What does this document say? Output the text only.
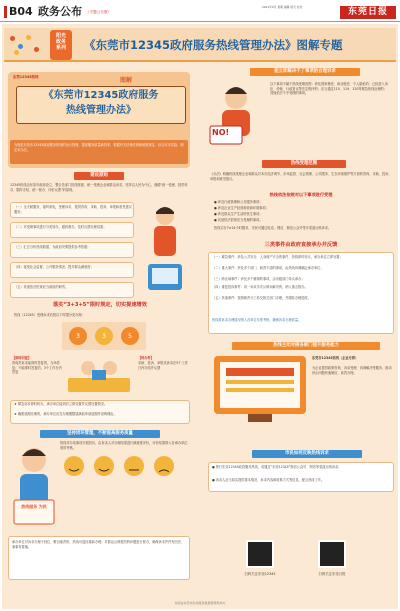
B04 政务公布 （专题公告版）
2021年9月 星期 编辑 版式 校对	东莞日报
阳光
政务
系列	《东莞市12345政府服务热线管理办法》图解专题
东莞12345热线	图解
《东莞市12345政府服务
热线管理办法》
为规范东莞市12345政府服务热线的运行管理，提高服务质量和效率，根据有关法律法规和政策规定，结合本市实际，制定本办法。
建设原则
12345热线由东莞市政府设立，整合各部门热线资源，统一受理企业和群众诉求，坚持以人民为中心，遵循“统一受理、按责转办、限时办结、统一督办、评价反馈”的原则。
（一）全天候服务，接听来电，受理诉求，提供咨询、求助、投诉、举报和意见建议服务；
（二）对受理事项进行分类转办，跟踪督办，及时反馈办理结果；
（三）汇总分析热线数据，为政府决策提供参考依据；
（四）接受社会监督，公开服务情况，提升群众满意度；
（五）其他依法依规应当承担的职责。
落实“3+3+5”限时规定，切实提速增效
热线（12345）受理诉求后按以下时限分类办理：
3	3	5
【即时回复】
咨询类诉求能即时答复的，当场答复；不能即时答复的，3个工作日内答复
【转办件】
求助、投诉、举报类诉求在5个工作日内办结并反馈
★ 紧急诉求即时转办，承办单位接到后立即处置并反馈处置情况。
★ 确需延期办理的，承办单位应在办理期限届满前申请延期并说明理由。
坚持闭环管理，不断提高服务质量
热线对办结事项开展回访，由诉求人对办理结果进行满意度评价，评价结果纳入各承办单位绩效考核。
热线服务 为民
承办单位对诉求办理不到位、敷衍塞责的，热线可退回重新办理；对群众反映强烈的问题进行督办，确保诉求件件有回音、事事有着落。
能立即解决不了事项的合理诉求
以下事项不属于热线受理范围：涉及国家秘密、商业秘密、个人隐私的；已经进入诉讼、仲裁、行政复议等法定程序的；应当通过110、119、120等紧急热线处理的；其他依法不予受理的事项。
NO!
热线受理范围
《办法》明确热线受理企业和群众对本市经济调节、市场监管、社会管理、公共服务、生态环境保护等方面的咨询、求助、投诉、举报和意见建议。
热线依法依规对以下事项进行受理
● 涉及行政管理和公共服务事项；
● 涉及企业生产经营和营商环境事项；
● 涉及群众生产生活的民生事项；
● 其他依法依规应当受理的事项。
热线实行7×24小时服务，市民可通过电话、网站、微信公众号等多渠道反映诉求。
三类事件由政府直接承办并反馈
（一）紧急事件：涉及公共安全、人身财产安全的事件，热线即时转办，承办单位立即处置；
（二）重大事件：涉及多个部门、职责不清的事项，由热线协调确定承办单位；
（三）跨区域事件：涉及多个镇街的事项，由市级部门牵头承办；
（四）重复投诉事件：同一诉求多次反映未解决的，纳入重点督办。
（五）其他事件：按照职责分工转交相关部门办理，并跟踪办理进度。
热线将诉求办理情况纳入各单位年度考核，确保诉求办理质量。
热线主动对接各部门提升服务能力
东莞市12345热线（企业专席）
为企业提供政策咨询、诉求受理、协调解决等服务，推动涉企问题快速响应、高效办理。
市民如何反映热线诉求
● 拨打东莞12345政府服务热线，或通过“东莞12345”微信公众号、网站等渠道反映诉求；
● 诉求人应当如实提供基本情况、诉求内容和联系方式等信息，配合热线工作。
扫码关注东莞12345	扫码关注东莞日报
本版由东莞市政务服务数据管理局协办
